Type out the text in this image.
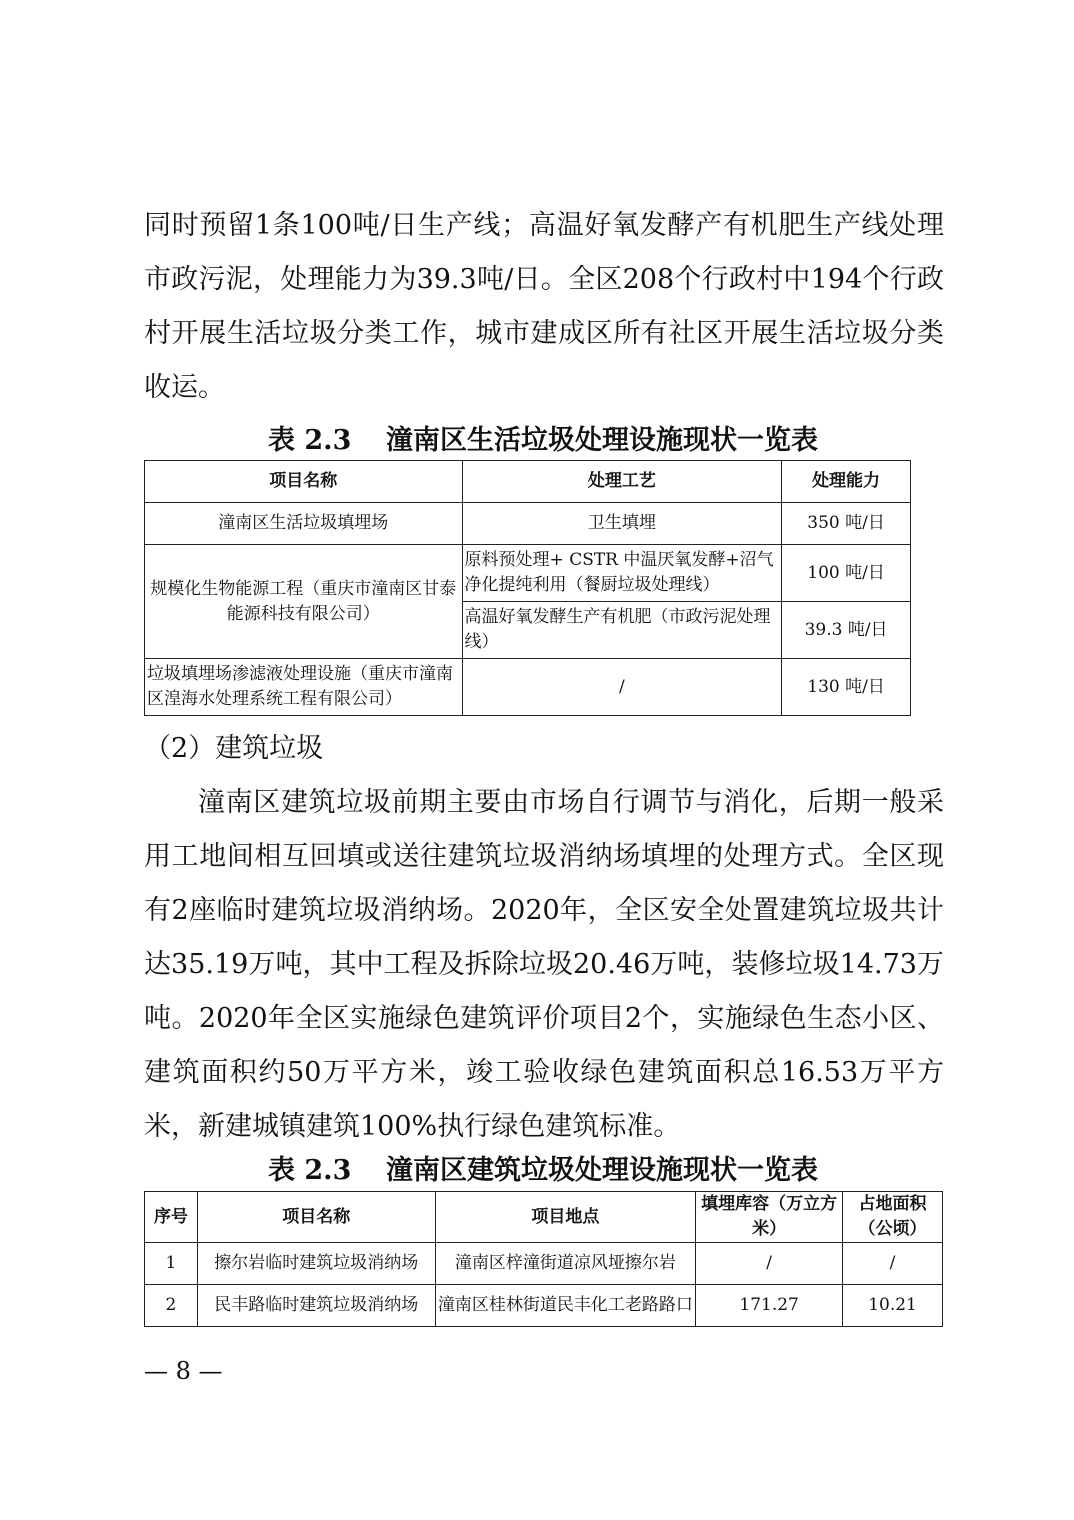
同时预留1条100吨/日生产线；高温好氧发酵产有机肥生产线处理市政污泥，处理能力为39.3吨/日。全区208个行政村中194个行政村开展生活垃圾分类工作，城市建成区所有社区开展生活垃圾分类收运。

表 2.3 潼南区生活垃圾处理设施现状一览表

项目名称	处理工艺	处理能力
潼南区生活垃圾填埋场	卫生填埋	350 吨/日
规模化生物能源工程（重庆市潼南区甘泰能源科技有限公司）	原料预处理+ CSTR 中温厌氧发酵+沼气净化提纯利用（餐厨垃圾处理线）	100 吨/日
	高温好氧发酵生产有机肥（市政污泥处理线）	39.3 吨/日
垃圾填埋场渗滤液处理设施（重庆市潼南区湟海水处理系统工程有限公司）	/	130 吨/日

（2）建筑垃圾

潼南区建筑垃圾前期主要由市场自行调节与消化，后期一般采用工地间相互回填或送往建筑垃圾消纳场填埋的处理方式。全区现有2座临时建筑垃圾消纳场。2020年，全区安全处置建筑垃圾共计达35.19万吨，其中工程及拆除垃圾20.46万吨，装修垃圾14.73万吨。2020年全区实施绿色建筑评价项目2个，实施绿色生态小区、建筑面积约50万平方米，竣工验收绿色建筑面积总16.53万平方米，新建城镇建筑100%执行绿色建筑标准。

表 2.3 潼南区建筑垃圾处理设施现状一览表

序号	项目名称	项目地点	填埋库容（万立方米）	占地面积（公顷）
1	擦尔岩临时建筑垃圾消纳场	潼南区梓潼街道凉风垭擦尔岩	/	/
2	民丰路临时建筑垃圾消纳场	潼南区桂林街道民丰化工老路路口	171.27	10.21

— 8 —
